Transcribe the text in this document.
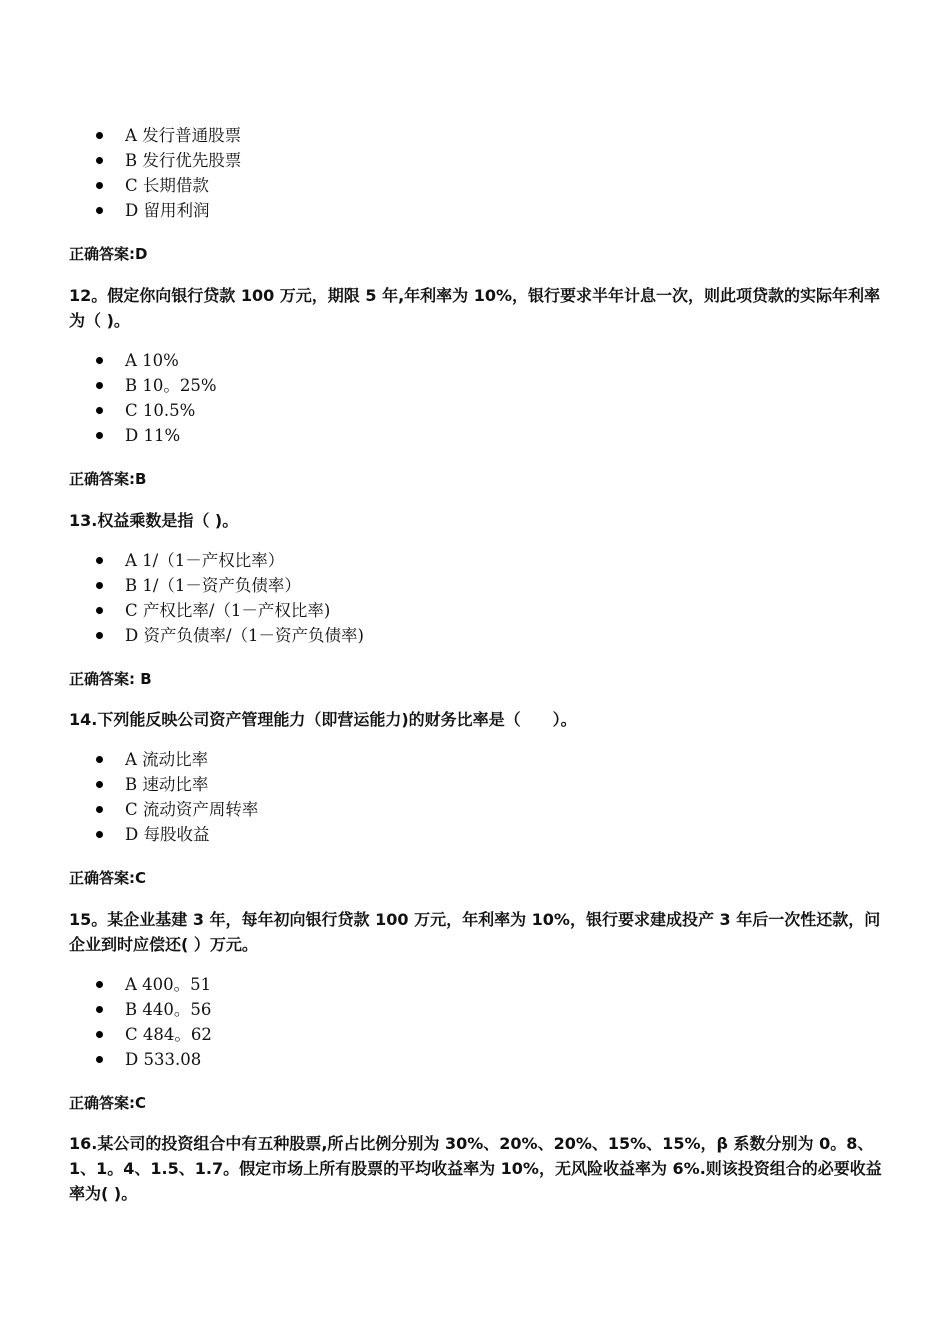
A 发行普通股票
B 发行优先股票
C 长期借款
D 留用利润
正确答案:D

12。假定你向银行贷款 100 万元，期限 5 年,年利率为 10%，银行要求半年计息一次，则此项贷款的实际年利率为（ )。

A 10%
B 10。25%
C 10.5%
D 11%
正确答案:B

13.权益乘数是指（ )。

A 1/（1－产权比率）
B 1/（1－资产负债率）
C 产权比率/（1－产权比率)
D 资产负债率/（1－资产负债率)
正确答案: B

14.下列能反映公司资产管理能力（即营运能力)的财务比率是（　　）。

A 流动比率
B 速动比率
C 流动资产周转率
D 每股收益
正确答案:C

15。某企业基建 3 年，每年初向银行贷款 100 万元，年利率为 10%，银行要求建成投产 3 年后一次性还款，问企业到时应偿还( ）万元。

A 400。51
B 440。56
C 484。62
D 533.08
正确答案:C

16.某公司的投资组合中有五种股票,所占比例分别为 30%、20%、20%、15%、15%，β 系数分别为 0。8、1、1。4、1.5、1.7。假定市场上所有股票的平均收益率为 10%，无风险收益率为 6%.则该投资组合的必要收益率为( )。
